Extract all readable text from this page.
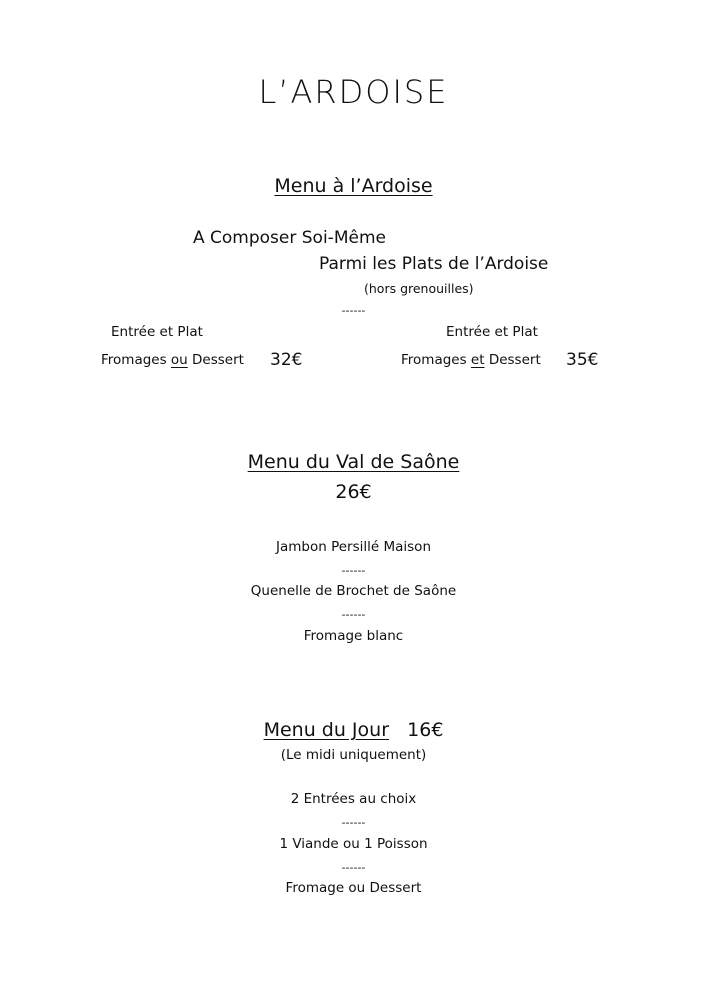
L’ARDOISE
Menu à l’Ardoise
A Composer Soi-Même
Parmi les Plats de l’Ardoise
(hors grenouilles)
------
Entrée et Plat
Fromages ou Dessert 32€
Entrée et Plat
Fromages et Dessert 35€
Menu du Val de Saône
26€
Jambon Persillé Maison
------
Quenelle de Brochet de Saône
------
Fromage blanc
Menu du Jour 16€
(Le midi uniquement)
2 Entrées au choix
------
1 Viande ou 1 Poisson
------
Fromage ou Dessert
